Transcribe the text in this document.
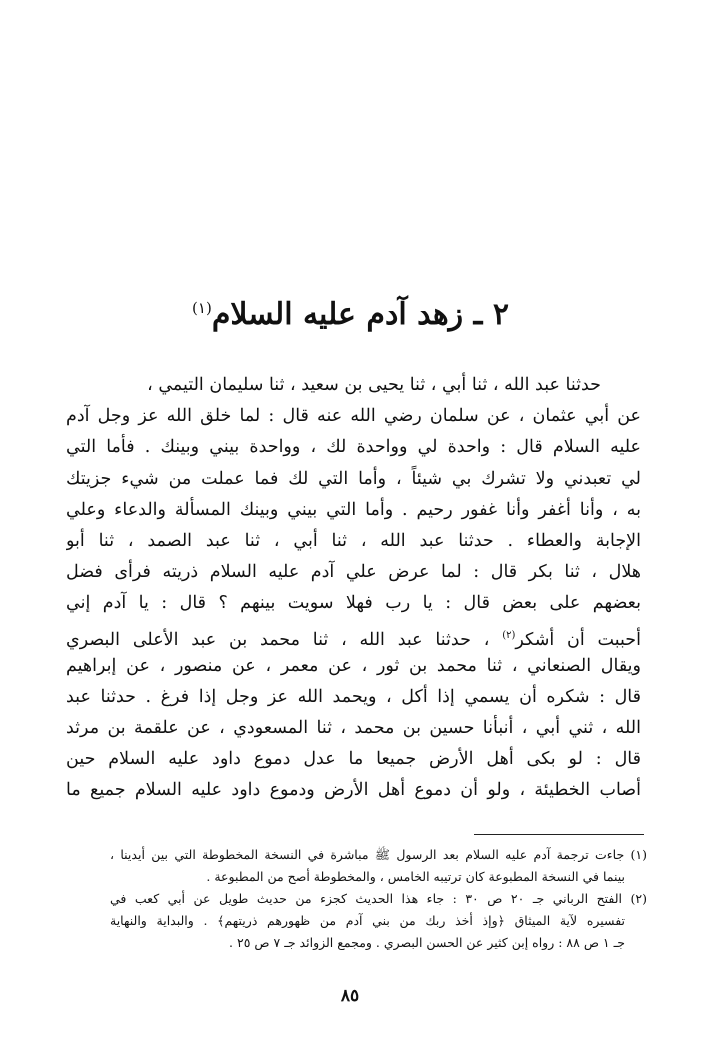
٢ ـ زهد آدم عليه السلام$^{(١)}$
حدثنا عبد الله ، ثنا أبي ، ثنا يحيى بن سعيد ، ثنا سليمان التيمي ،
عن أبي عثمان ، عن سلمان رضي الله عنه قال : لما خلق الله عز وجل آدم
عليه السلام قال : واحدة لي وواحدة لك ، وواحدة بيني وبينك . فأما التي
لي تعبدني ولا تشرك بي شيئاً ، وأما التي لك فما عملت من شيء جزيتك
به ، وأنا أغفر وأنا غفور رحيم . وأما التي بيني وبينك المسألة والدعاء وعلي
الإجابة والعطاء . حدثنا عبد الله ، ثنا أبي ، ثنا عبد الصمد ، ثنا أبو
هلال ، ثنا بكر قال : لما عرض علي آدم عليه السلام ذريته فرأى فضل
بعضهم على بعض قال : يا رب فهلا سويت بينهم ؟ قال : يا آدم إني
أحببت أن أشكر$^{(٢)}$ ، حدثنا عبد الله ، ثنا محمد بن عبد الأعلى البصري
ويقال الصنعاني ، ثنا محمد بن ثور ، عن معمر ، عن منصور ، عن إبراهيم
قال : شكره أن يسمي إذا أكل ، ويحمد الله عز وجل إذا فرغ . حدثنا عبد
الله ، ثني أبي ، أنبأنا حسين بن محمد ، ثنا المسعودي ، عن علقمة بن مرثد
قال : لو بكى أهل الأرض جميعا ما عدل دموع داود عليه السلام حين
أصاب الخطيئة ، ولو أن دموع أهل الأرض ودموع داود عليه السلام جميع ما
(١) جاءت ترجمة آدم عليه السلام بعد الرسول ﷺ مباشرة في النسخة المخطوطة التي بين أيدينا ،
بينما في النسخة المطبوعة كان ترتيبه الخامس ، والمخطوطة أصح من المطبوعة .
(٢) الفتح الرباني جـ ٢٠ ص ٣٠ : جاء هذا الحديث كجزء من حديث طويل عن أبي كعب في
تفسيره لآية الميثاق ﴿وإذ أخذ ربك من بني آدم من ظهورهم ذريتهم﴾ . والبداية والنهاية
جـ ١ ص ٨٨ : رواه إبن كثير عن الحسن البصري . ومجمع الزوائد جـ ٧ ص ٢٥ .
٨٥
